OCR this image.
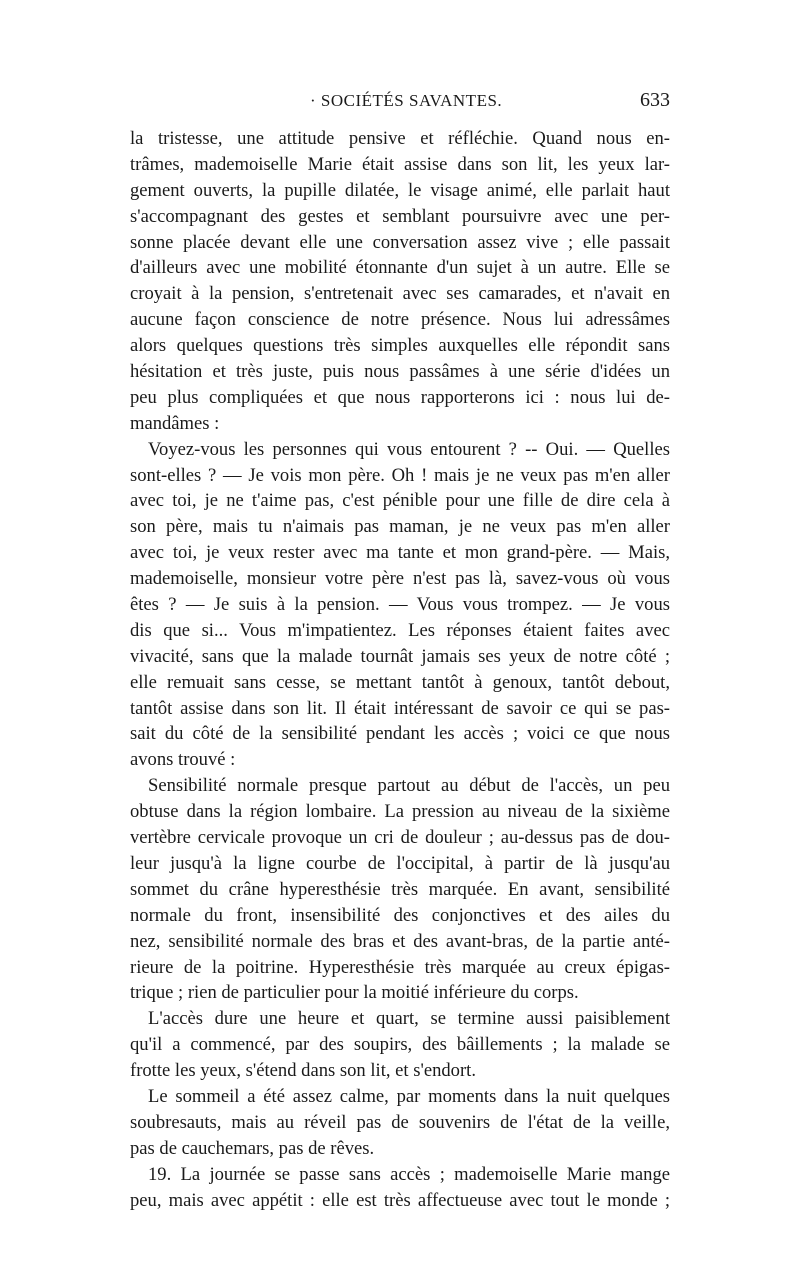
· SOCIÉTÉS SAVANTES.	633
la tristesse, une attitude pensive et réfléchie. Quand nous en-
trâmes, mademoiselle Marie était assise dans son lit, les yeux lar-
gement ouverts, la pupille dilatée, le visage animé, elle parlait haut
s'accompagnant des gestes et semblant poursuivre avec une per-
sonne placée devant elle une conversation assez vive ; elle passait
d'ailleurs avec une mobilité étonnante d'un sujet à un autre. Elle se
croyait à la pension, s'entretenait avec ses camarades, et n'avait en
aucune façon conscience de notre présence. Nous lui adressâmes
alors quelques questions très simples auxquelles elle répondit sans
hésitation et très juste, puis nous passâmes à une série d'idées un
peu plus compliquées et que nous rapporterons ici : nous lui de-
mandâmes :
Voyez-vous les personnes qui vous entourent ? -- Oui. — Quelles
sont-elles ? — Je vois mon père. Oh ! mais je ne veux pas m'en aller
avec toi, je ne t'aime pas, c'est pénible pour une fille de dire cela à
son père, mais tu n'aimais pas maman, je ne veux pas m'en aller
avec toi, je veux rester avec ma tante et mon grand-père. — Mais,
mademoiselle, monsieur votre père n'est pas là, savez-vous où vous
êtes ? — Je suis à la pension. — Vous vous trompez. — Je vous
dis que si... Vous m'impatientez. Les réponses étaient faites avec
vivacité, sans que la malade tournât jamais ses yeux de notre côté ;
elle remuait sans cesse, se mettant tantôt à genoux, tantôt debout,
tantôt assise dans son lit. Il était intéressant de savoir ce qui se pas-
sait du côté de la sensibilité pendant les accès ; voici ce que nous
avons trouvé :
Sensibilité normale presque partout au début de l'accès, un peu
obtuse dans la région lombaire. La pression au niveau de la sixième
vertèbre cervicale provoque un cri de douleur ; au-dessus pas de dou-
leur jusqu'à la ligne courbe de l'occipital, à partir de là jusqu'au
sommet du crâne hyperesthésie très marquée. En avant, sensibilité
normale du front, insensibilité des conjonctives et des ailes du
nez, sensibilité normale des bras et des avant-bras, de la partie anté-
rieure de la poitrine. Hyperesthésie très marquée au creux épigas-
trique ; rien de particulier pour la moitié inférieure du corps.
L'accès dure une heure et quart, se termine aussi paisiblement
qu'il a commencé, par des soupirs, des bâillements ; la malade se
frotte les yeux, s'étend dans son lit, et s'endort.
Le sommeil a été assez calme, par moments dans la nuit quelques
soubresauts, mais au réveil pas de souvenirs de l'état de la veille,
pas de cauchemars, pas de rêves.
19. La journée se passe sans accès ; mademoiselle Marie mange
peu, mais avec appétit : elle est très affectueuse avec tout le monde ;
